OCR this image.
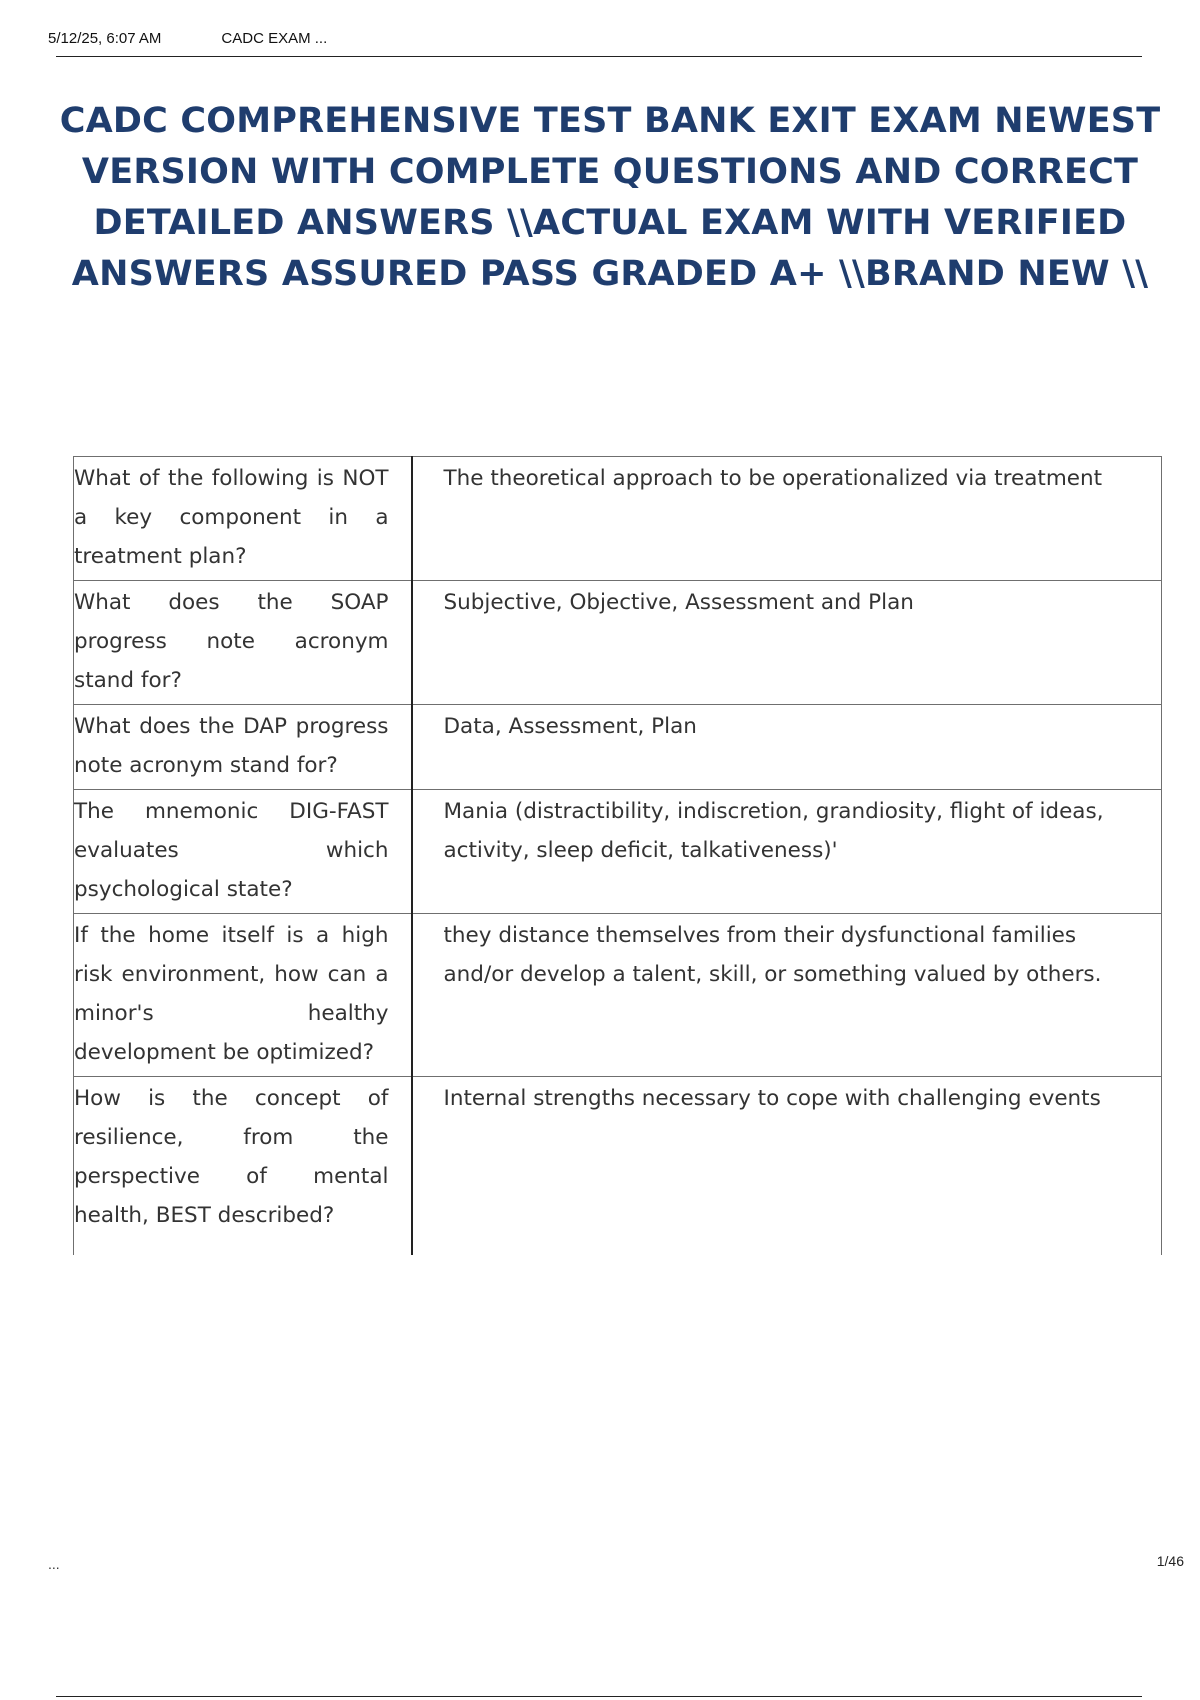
5/12/25, 6:07 AM	CADC EXAM ...
CADC COMPREHENSIVE TEST BANK EXIT EXAM NEWEST VERSION WITH COMPLETE QUESTIONS AND CORRECT DETAILED ANSWERS \\ACTUAL EXAM WITH VERIFIED ANSWERS ASSURED PASS GRADED A+ \\BRAND NEW \\
What of the following is NOT a key component in a treatment plan?	The theoretical approach to be operationalized via treatment
What does the SOAP progress note acronym stand for?	Subjective, Objective, Assessment and Plan
What does the DAP progress note acronym stand for?	Data, Assessment, Plan
The mnemonic DIG-FAST evaluates which psychological state?	Mania (distractibility, indiscretion, grandiosity, flight of ideas, activity, sleep deficit, talkativeness)'
If the home itself is a high risk environment, how can a minor's healthy development be optimized?	they distance themselves from their dysfunctional families and/or develop a talent, skill, or something valued by others.
How is the concept of resilience, from the perspective of mental health, BEST described?	Internal strengths necessary to cope with challenging events
...	1/46
